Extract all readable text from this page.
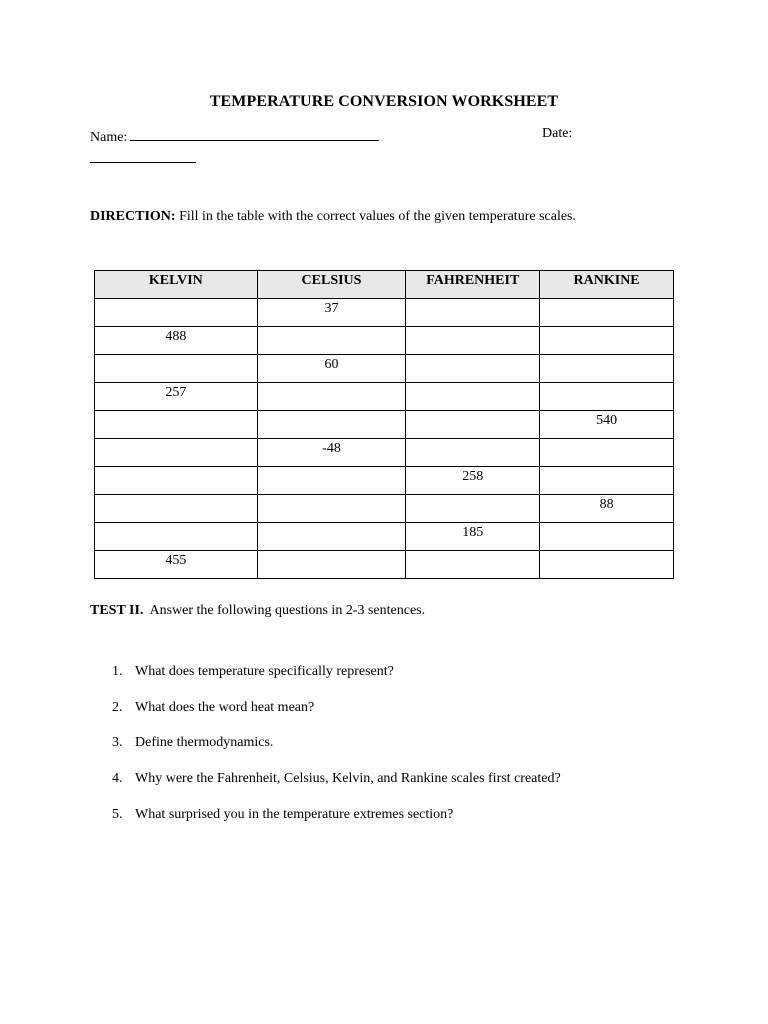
TEMPERATURE CONVERSION WORKSHEET
Name:	Date:
DIRECTION: Fill in the table with the correct values of the given temperature scales.
KELVIN	CELSIUS	FAHRENHEIT	RANKINE
	37		
488			
	60		
257			
			540
	-48		
		258	
			88
		185	
455			
TEST II. Answer the following questions in 2-3 sentences.
1. What does temperature specifically represent?
2. What does the word heat mean?
3. Define thermodynamics.
4. Why were the Fahrenheit, Celsius, Kelvin, and Rankine scales first created?
5. What surprised you in the temperature extremes section?
